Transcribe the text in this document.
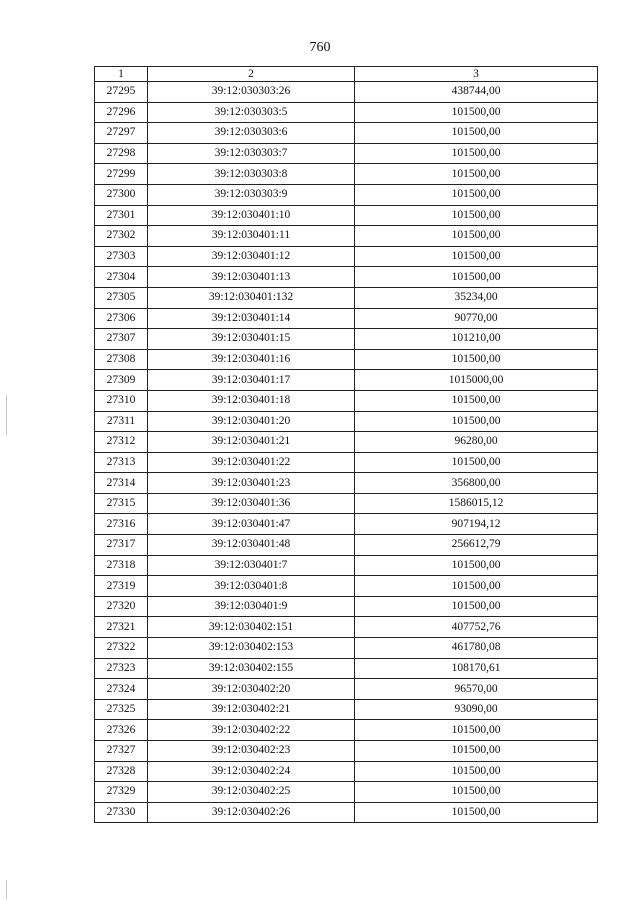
760
1	2	3
27295	39:12:030303:26	438744,00
27296	39:12:030303:5	101500,00
27297	39:12:030303:6	101500,00
27298	39:12:030303:7	101500,00
27299	39:12:030303:8	101500,00
27300	39:12:030303:9	101500,00
27301	39:12:030401:10	101500,00
27302	39:12:030401:11	101500,00
27303	39:12:030401:12	101500,00
27304	39:12:030401:13	101500,00
27305	39:12:030401:132	35234,00
27306	39:12:030401:14	90770,00
27307	39:12:030401:15	101210,00
27308	39:12:030401:16	101500,00
27309	39:12:030401:17	1015000,00
27310	39:12:030401:18	101500,00
27311	39:12:030401:20	101500,00
27312	39:12:030401:21	96280,00
27313	39:12:030401:22	101500,00
27314	39:12:030401:23	356800,00
27315	39:12:030401:36	1586015,12
27316	39:12:030401:47	907194,12
27317	39:12:030401:48	256612,79
27318	39:12:030401:7	101500,00
27319	39:12:030401:8	101500,00
27320	39:12:030401:9	101500,00
27321	39:12:030402:151	407752,76
27322	39:12:030402:153	461780,08
27323	39:12:030402:155	108170,61
27324	39:12:030402:20	96570,00
27325	39:12:030402:21	93090,00
27326	39:12:030402:22	101500,00
27327	39:12:030402:23	101500,00
27328	39:12:030402:24	101500,00
27329	39:12:030402:25	101500,00
27330	39:12:030402:26	101500,00
